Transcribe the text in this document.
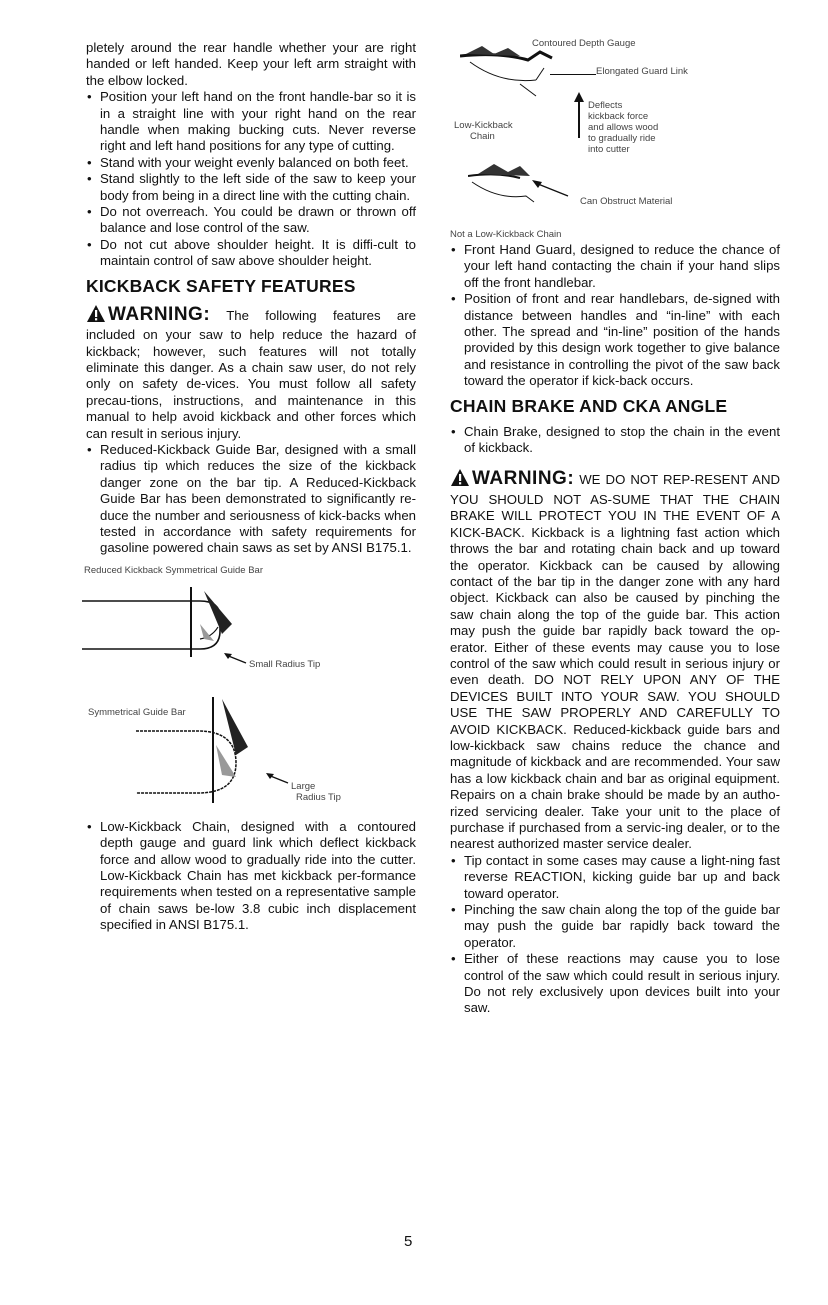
pletely around the rear handle whether your are right handed or left handed. Keep your left arm straight with the elbow locked.

• Position your left hand on the front handle-bar so it is in a straight line with your right hand on the rear handle when making bucking cuts. Never reverse right and left hand positions for any type of cutting.
• Stand with your weight evenly balanced on both feet.
• Stand slightly to the left side of the saw to keep your body from being in a direct line with the cutting chain.
• Do not overreach. You could be drawn or thrown off balance and lose control of the saw.
• Do not cut above shoulder height. It is diffi-cult to maintain control of saw above shoulder height.
KICKBACK SAFETY FEATURES

WARNING: The following features are included on your saw to help reduce the hazard of kickback; however, such features will not totally eliminate this danger. As a chain saw user, do not rely only on safety de-vices. You must follow all safety precau-tions, instructions, and maintenance in this manual to help avoid kickback and other forces which can result in serious injury.

• Reduced-Kickback Guide Bar, designed with a small radius tip which reduces the size of the kickback danger zone on the bar tip. A Reduced-Kickback Guide Bar has been demonstrated to significantly re-duce the number and seriousness of kick-backs when tested in accordance with safety requirements for gasoline powered chain saws as set by ANSI B175.1.
Reduced Kickback Symmetrical Guide Bar
Small Radius Tip
Symmetrical Guide Bar
Large
Radius Tip
• Low-Kickback Chain, designed with a contoured depth gauge and guard link which deflect kickback force and allow wood to gradually ride into the cutter. Low-Kickback Chain has met kickback per-formance requirements when tested on a representative sample of chain saws be-low 3.8 cubic inch displacement specified in ANSI B175.1.
Contoured Depth Gauge
Elongated Guard Link
Low-Kickback
Chain
Deflects
kickback force
and allows wood
to gradually ride
into cutter
Can Obstruct Material
Not a Low-Kickback Chain
• Front Hand Guard, designed to reduce the chance of your left hand contacting the chain if your hand slips off the front handlebar.
• Position of front and rear handlebars, de-signed with distance between handles and “in-line” with each other. The spread and “in-line” position of the hands provided by this design work together to give balance and resistance in controlling the pivot of the saw back toward the operator if kick-back occurs.
CHAIN BRAKE AND CKA ANGLE
• Chain Brake, designed to stop the chain in the event of kickback.

WARNING: WE DO NOT REP-RESENT AND YOU SHOULD NOT AS-SUME THAT THE CHAIN BRAKE WILL PROTECT YOU IN THE EVENT OF A KICK-BACK. Kickback is a lightning fast action which throws the bar and rotating chain back and up toward the operator. Kickback can be caused by allowing contact of the bar tip in the danger zone with any hard object. Kickback can also be caused by pinching the saw chain along the top of the guide bar. This action may push the guide bar rapidly back toward the op-erator. Either of these events may cause you to lose control of the saw which could result in serious injury or even death. DO NOT RELY UPON ANY OF THE DEVICES BUILT INTO YOUR SAW. YOU SHOULD USE THE SAW PROPERLY AND CAREFULLY TO AVOID KICKBACK. Reduced-kickback guide bars and low-kickback saw chains reduce the chance and magnitude of kickback and are recommended. Your saw has a low kickback chain and bar as original equipment. Repairs on a chain brake should be made by an autho-rized servicing dealer. Take your unit to the place of purchase if purchased from a servic-ing dealer, or to the nearest authorized master service dealer.

• Tip contact in some cases may cause a light-ning fast reverse REACTION, kicking guide bar up and back toward operator.
• Pinching the saw chain along the top of the guide bar may push the guide bar rapidly back toward the operator.
• Either of these reactions may cause you to lose control of the saw which could result in serious injury. Do not rely exclusively upon devices built into your saw.
5
